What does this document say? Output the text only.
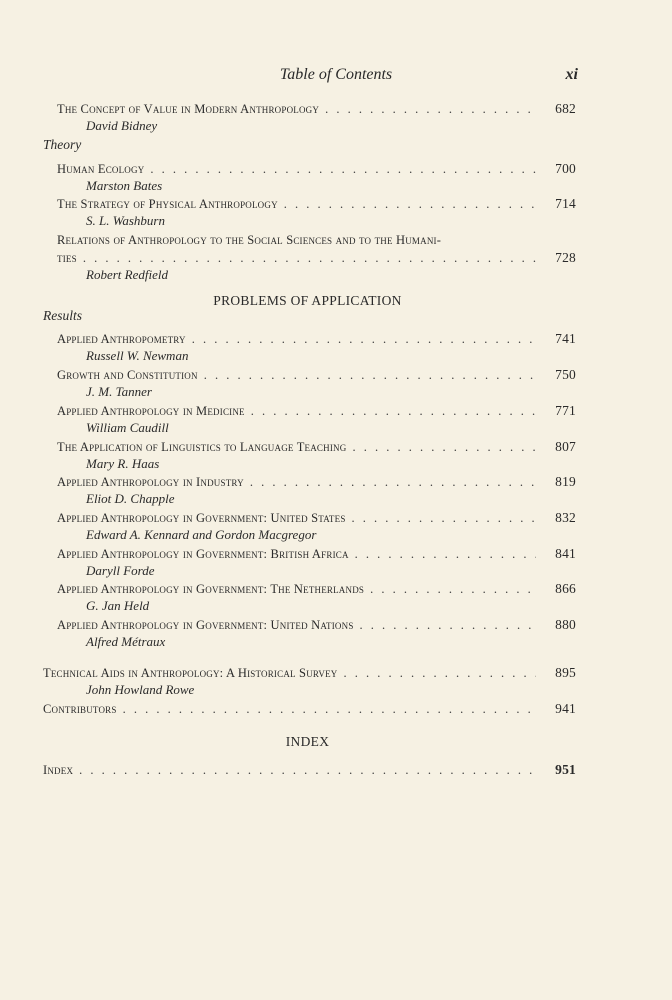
Table of Contents	xi
The Concept of Value in Modern Anthropology . . .	682
David Bidney
Theory
Human Ecology . . .	700
Marston Bates
The Strategy of Physical Anthropology . . .	714
S. L. Washburn
Relations of Anthropology to the Social Sciences and to the Humani-
ties . . .	728
Robert Redfield
PROBLEMS OF APPLICATION
Results
Applied Anthropometry . . .	741
Russell W. Newman
Growth and Constitution . . .	750
J. M. Tanner
Applied Anthropology in Medicine . . .	771
William Caudill
The Application of Linguistics to Language Teaching . . .	807
Mary R. Haas
Applied Anthropology in Industry . . .	819
Eliot D. Chapple
Applied Anthropology in Government: United States . . .	832
Edward A. Kennard and Gordon Macgregor
Applied Anthropology in Government: British Africa . . .	841
Daryll Forde
Applied Anthropology in Government: The Netherlands . . .	866
G. Jan Held
Applied Anthropology in Government: United Nations . . .	880
Alfred Métraux
Technical Aids in Anthropology: A Historical Survey . . .	895
John Howland Rowe
Contributors . . .	941
INDEX
Index . . .	951
